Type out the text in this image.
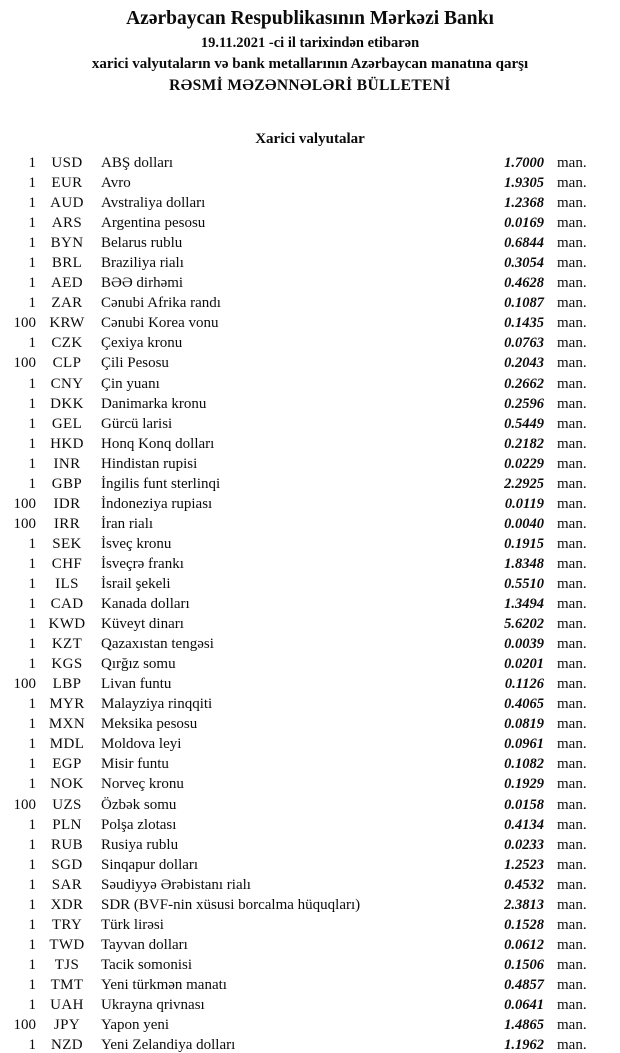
Azərbaycan Respublikasının Mərkəzi Bankı
19.11.2021 -ci il tarixindən etibarən
xarici valyutaların və bank metallarının Azərbaycan manatına qarşı
RƏSMİ MƏZƏNNƏLƏRİ BÜLLETENİ
Xarici valyutalar
1	USD	ABŞ dolları	1.7000 man.
1	EUR	Avro	1.9305 man.
1 AUD	Avstraliya dolları	1.2368 man.
1	ARS	Argentina pesosu	0.0169 man.
1 BYN	Belarus rublu	0.6844 man.
1	BRL	Braziliya rialı	0.3054 man.
1 AED	BƏƏ dirhəmi	0.4628 man.
1	ZAR	Cənubi Afrika randı	0.1087 man.
100 KRW	Cənubi Korea vonu	0.1435 man.
1	CZK	Çexiya kronu	0.0763 man.
100	CLP	Çili Pesosu	0.2043 man.
1 CNY	Çin yuanı	0.2662 man.
1 DKK	Danimarka kronu	0.2596 man.
1	GEL	Gürcü larisi	0.5449 man.
1 HKD	Honq Konq dolları	0.2182 man.
1	INR	Hindistan rupisi	0.0229 man.
1	GBP	İngilis funt sterlinqi	2.2925 man.
100	IDR	İndoneziya rupiası	0.0119 man.
100	IRR	İran rialı	0.0040 man.
1	SEK	İsveç kronu	0.1915 man.
1	CHF	İsveçrə frankı	1.8348 man.
1	ILS	İsrail şekeli	0.5510 man.
1 CAD	Kanada dolları	1.3494 man.
1 KWD	Küveyt dinarı	5.6202 man.
1	KZT	Qazaxıstan tengəsi	0.0039 man.
1	KGS	Qırğız somu	0.0201 man.
100	LBP	Livan funtu	0.1126 man.
1 MYR	Malayziya rinqqiti	0.4065 man.
1 MXN	Meksika pesosu	0.0819 man.
1 MDL	Moldova leyi	0.0961 man.
1	EGP	Misir funtu	0.1082 man.
1 NOK	Norveç kronu	0.1929 man.
100	UZS	Özbək somu	0.0158 man.
1	PLN	Polşa zlotası	0.4134 man.
1 RUB	Rusiya rublu	0.0233 man.
1	SGD	Sinqapur dolları	1.2523 man.
1	SAR	Səudiyyə Ərəbistanı rialı	0.4532 man.
1 XDR	SDR (BVF-nin xüsusi borcalma hüquqları)	2.3813 man.
1	TRY	Türk lirəsi	0.1528 man.
1 TWD	Tayvan dolları	0.0612 man.
1	TJS	Tacik somonisi	0.1506 man.
1 TMT	Yeni türkmən manatı	0.4857 man.
1 UAH	Ukrayna qrivnası	0.0641 man.
100	JPY	Yapon yeni	1.4865 man.
1 NZD	Yeni Zelandiya dolları	1.1962 man.
